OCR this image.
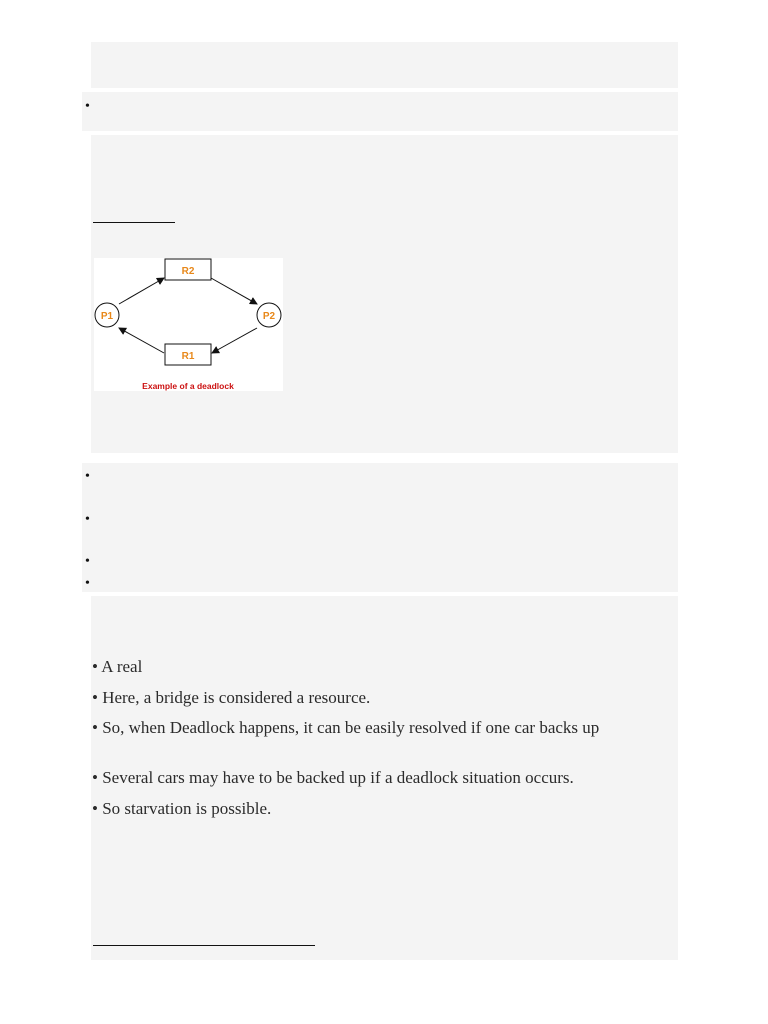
•
R2
R1
P1	P2
Example of a deadlock
•
•
•
•
• A real
• Here, a bridge is considered a resource.
• So, when Deadlock happens, it can be easily resolved if one car backs up
• Several cars may have to be backed up if a deadlock situation occurs.
• So starvation is possible.
